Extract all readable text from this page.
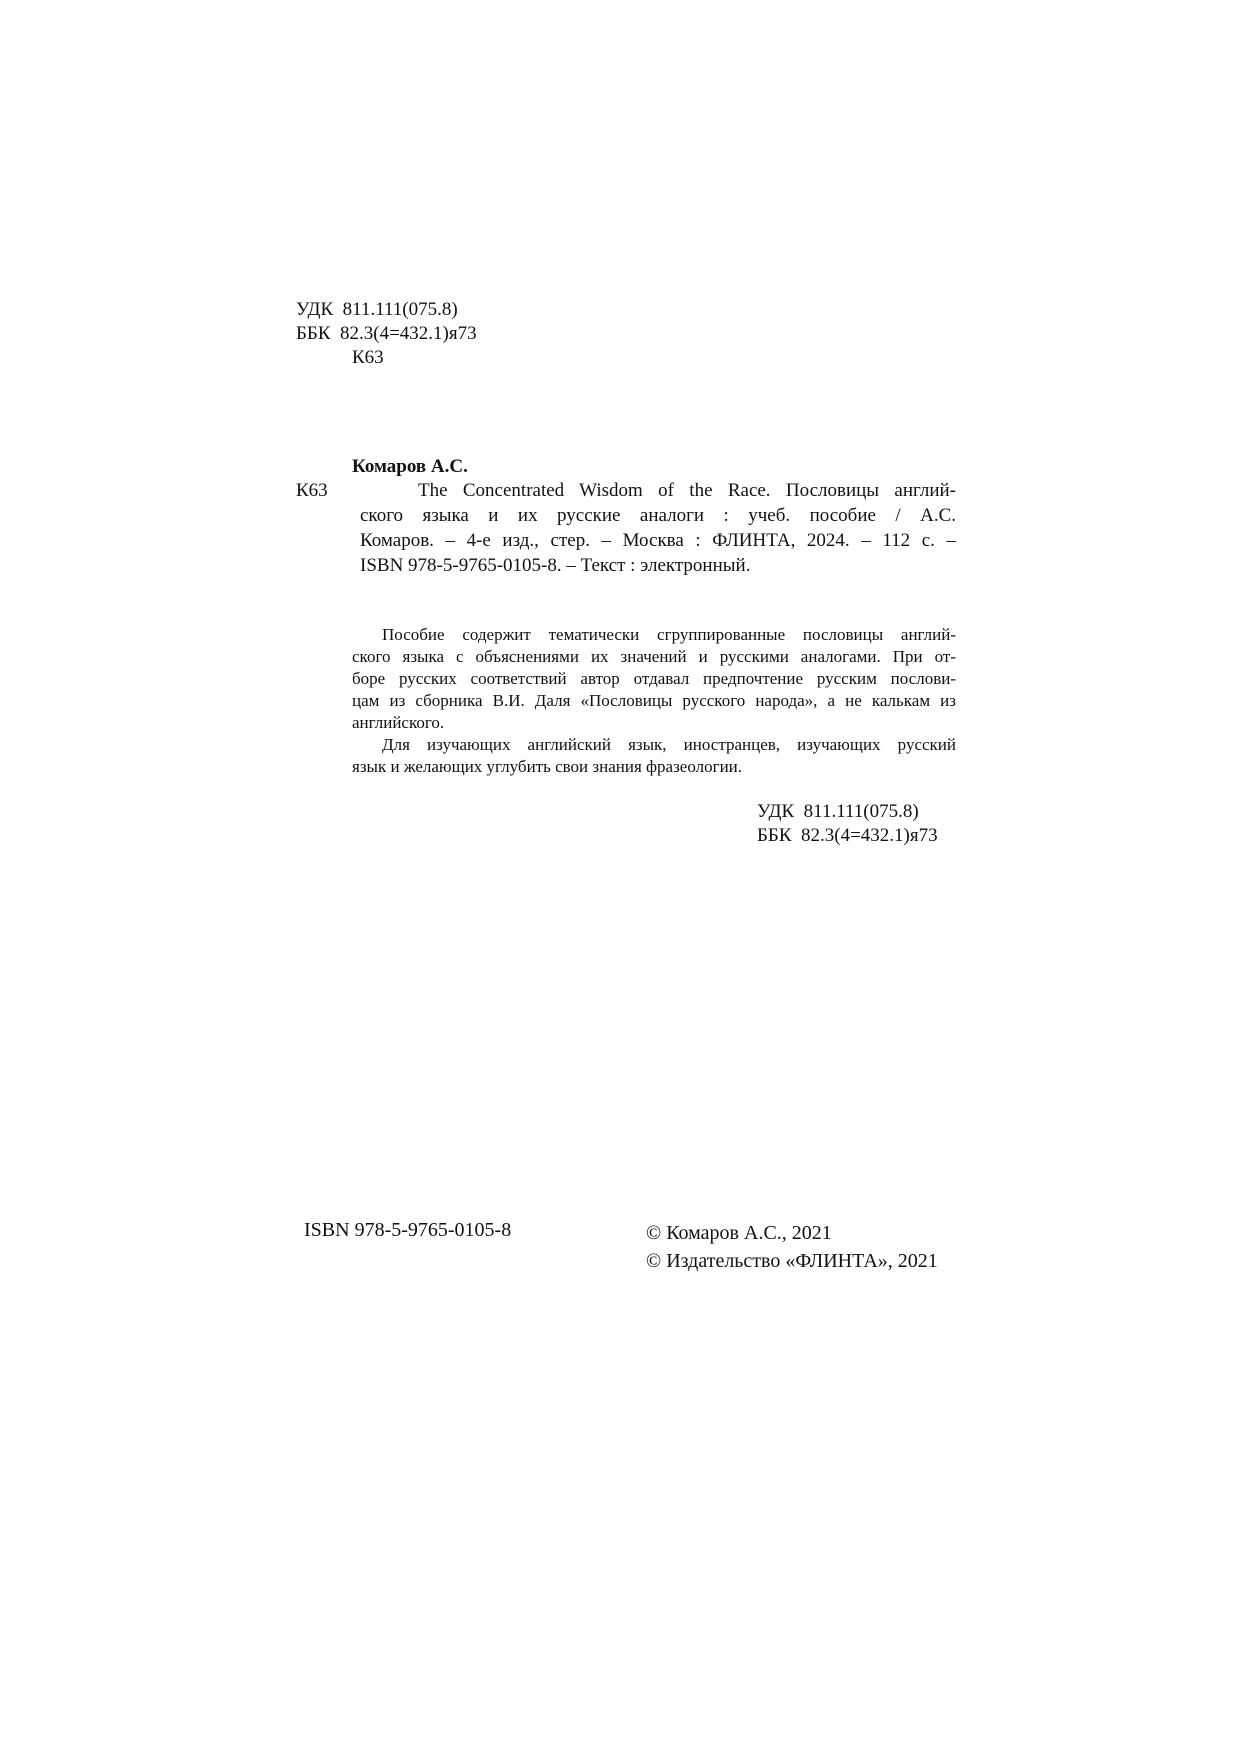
УДК 811.111(075.8)
ББК 82.3(4=432.1)я73
К63
Комаров А.С.
К63	The Concentrated Wisdom of the Race. Пословицы англий-
ского языка и их русские аналоги : учеб. пособие / А.С.
Комаров. – 4-е изд., стер. – Москва : ФЛИНТА, 2024. – 112 с. –
ISBN 978-5-9765-0105-8. – Текст : электронный.
Пособие содержит тематически сгруппированные пословицы англий-
ского языка с объяснениями их значений и русскими аналогами. При от-
боре русских соответствий автор отдавал предпочтение русским послови-
цам из сборника В.И. Даля «Пословицы русского народа», а не калькам из
английского.
Для изучающих английский язык, иностранцев, изучающих русский
язык и желающих углубить свои знания фразеологии.
УДК 811.111(075.8)
ББК 82.3(4=432.1)я73
ISBN 978-5-9765-0105-8	© Комаров А.С., 2021
© Издательство «ФЛИНТА», 2021
